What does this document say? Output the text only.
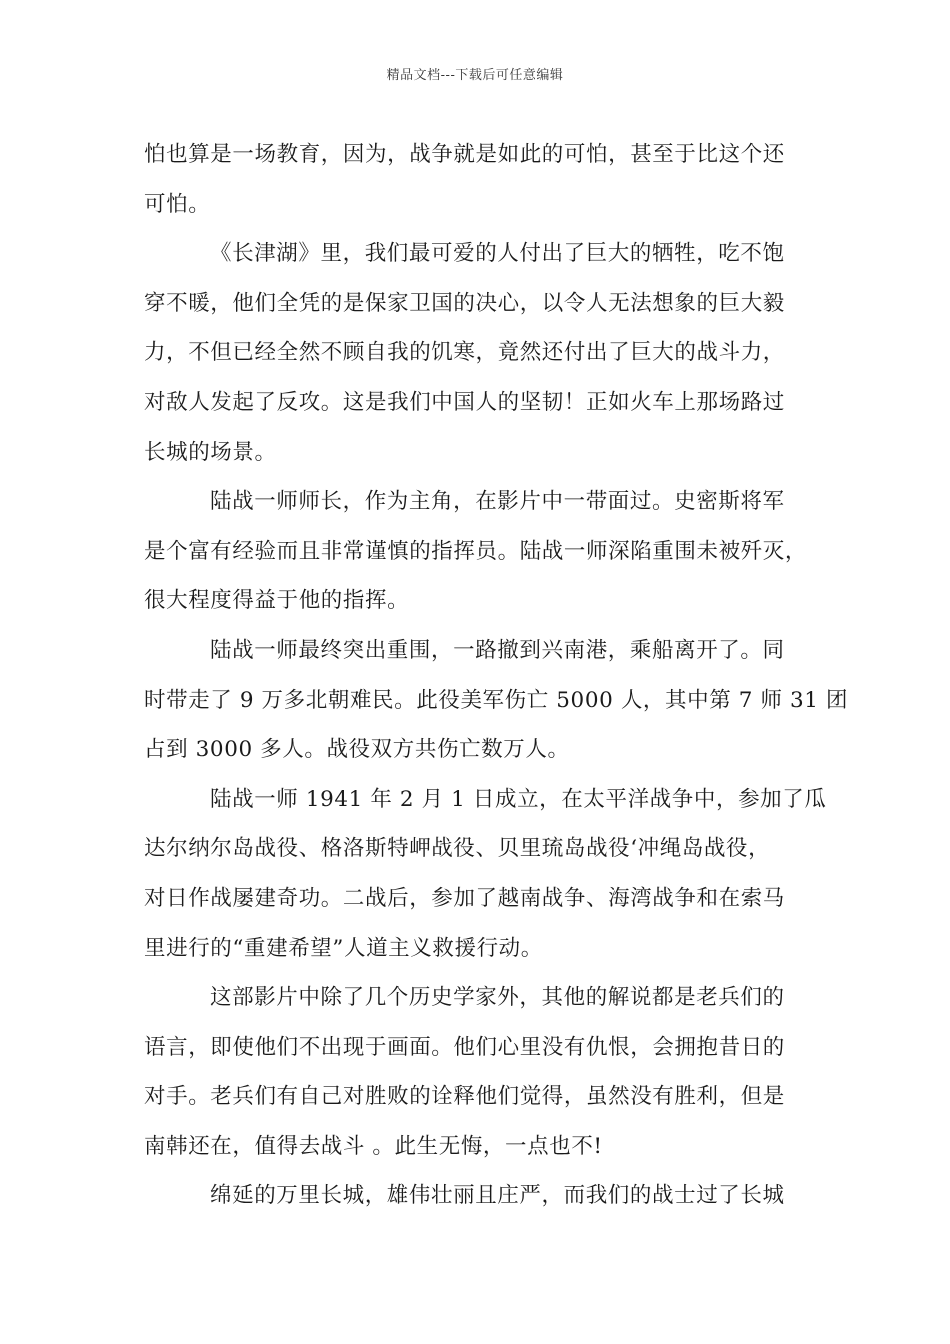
精品文档---下载后可任意编辑
怕也算是一场教育，因为，战争就是如此的可怕，甚至于比这个还
可怕。
《长津湖》里，我们最可爱的人付出了巨大的牺牲，吃不饱
穿不暖，他们全凭的是保家卫国的决心，以令人无法想象的巨大毅
力，不但已经全然不顾自我的饥寒，竟然还付出了巨大的战斗力，
对敌人发起了反攻。这是我们中国人的坚韧！正如火车上那场路过
长城的场景。
陆战一师师长，作为主角，在影片中一带面过。史密斯将军
是个富有经验而且非常谨慎的指挥员。陆战一师深陷重围未被歼灭，
很大程度得益于他的指挥。
陆战一师最终突出重围，一路撤到兴南港，乘船离开了。同
时带走了 9 万多北朝难民。此役美军伤亡 5000 人，其中第 7 师 31 团
占到 3000 多人。战役双方共伤亡数万人。
陆战一师 1941 年 2 月 1 日成立，在太平洋战争中，参加了瓜
达尔纳尔岛战役、格洛斯特岬战役、贝里琉岛战役‘冲绳岛战役，
对日作战屡建奇功。二战后，参加了越南战争、海湾战争和在索马
里进行的“重建希望”人道主义救援行动。
这部影片中除了几个历史学家外，其他的解说都是老兵们的
语言，即使他们不出现于画面。他们心里没有仇恨，会拥抱昔日的
对手。老兵们有自己对胜败的诠释他们觉得，虽然没有胜利，但是
南韩还在，值得去战斗 。此生无悔，一点也不!
绵延的万里长城，雄伟壮丽且庄严，而我们的战士过了长城
